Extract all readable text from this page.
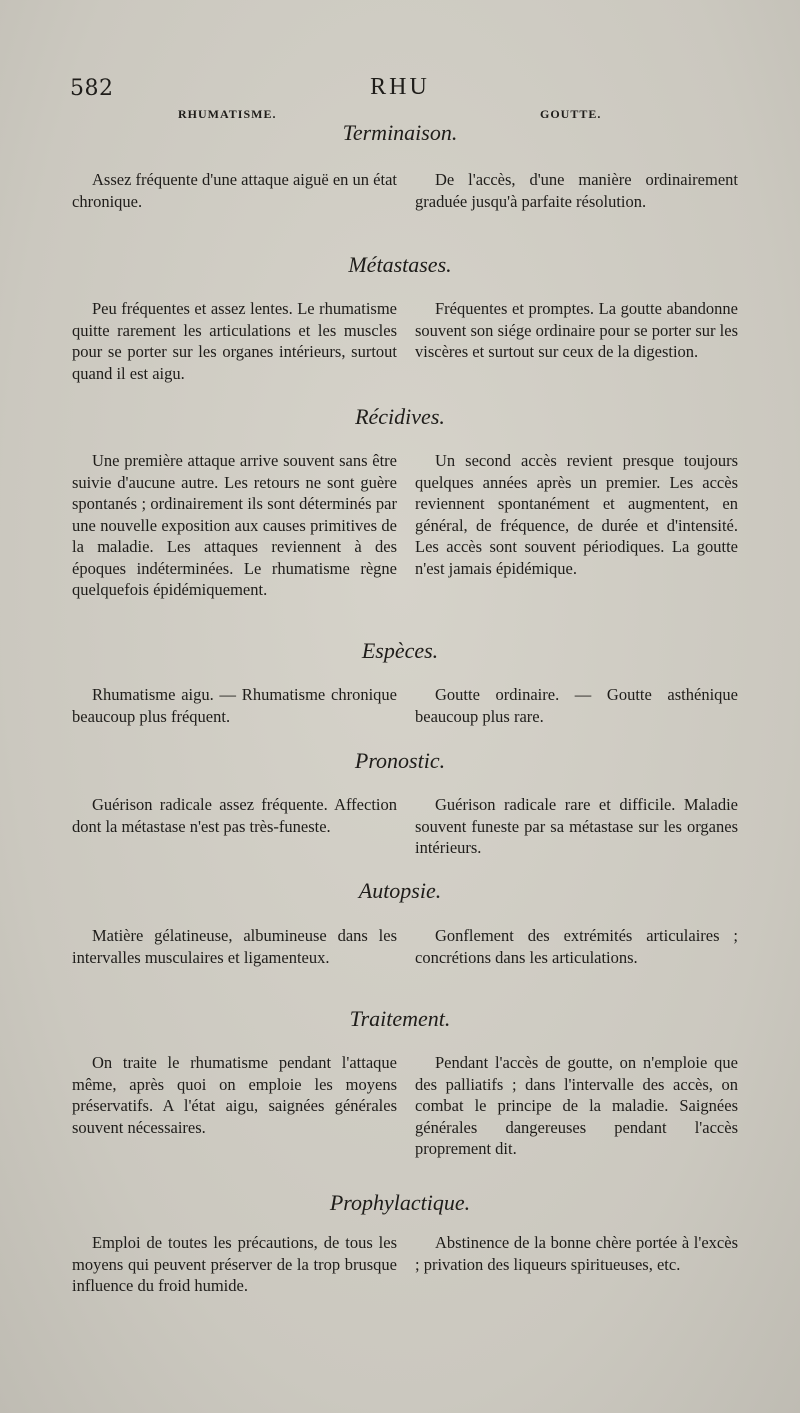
582	RHU
RHUMATISME.	GOUTTE.
Terminaison.

Assez fréquente d'une attaque aiguë en un état chronique.

De l'accès, d'une manière ordinairement graduée jusqu'à parfaite résolution.

Métastases.

Peu fréquentes et assez lentes. Le rhumatisme quitte rarement les articulations et les muscles pour se porter sur les organes intérieurs, surtout quand il est aigu.

Fréquentes et promptes. La goutte abandonne souvent son siége ordinaire pour se porter sur les viscères et surtout sur ceux de la digestion.

Récidives.

Une première attaque arrive souvent sans être suivie d'aucune autre. Les retours ne sont guère spontanés ; ordinairement ils sont déterminés par une nouvelle exposition aux causes primitives de la maladie. Les attaques reviennent à des époques indéterminées. Le rhumatisme règne quelquefois épidémiquement.

Un second accès revient presque toujours quelques années après un premier. Les accès reviennent spontanément et augmentent, en général, de fréquence, de durée et d'intensité. Les accès sont souvent périodiques. La goutte n'est jamais épidémique.

Espèces.

Rhumatisme aigu. — Rhumatisme chronique beaucoup plus fréquent.

Goutte ordinaire. — Goutte asthénique beaucoup plus rare.

Pronostic.

Guérison radicale assez fréquente. Affection dont la métastase n'est pas très-funeste.

Guérison radicale rare et difficile. Maladie souvent funeste par sa métastase sur les organes intérieurs.

Autopsie.

Matière gélatineuse, albumineuse dans les intervalles musculaires et ligamenteux.

Gonflement des extrémités articulaires ; concrétions dans les articulations.

Traitement.

On traite le rhumatisme pendant l'attaque même, après quoi on emploie les moyens préservatifs. A l'état aigu, saignées générales souvent nécessaires.

Pendant l'accès de goutte, on n'emploie que des palliatifs ; dans l'intervalle des accès, on combat le principe de la maladie. Saignées générales dangereuses pendant l'accès proprement dit.

Prophylactique.

Emploi de toutes les précautions, de tous les moyens qui peuvent préserver de la trop brusque influence du froid humide.

Abstinence de la bonne chère portée à l'excès ; privation des liqueurs spiritueuses, etc.
